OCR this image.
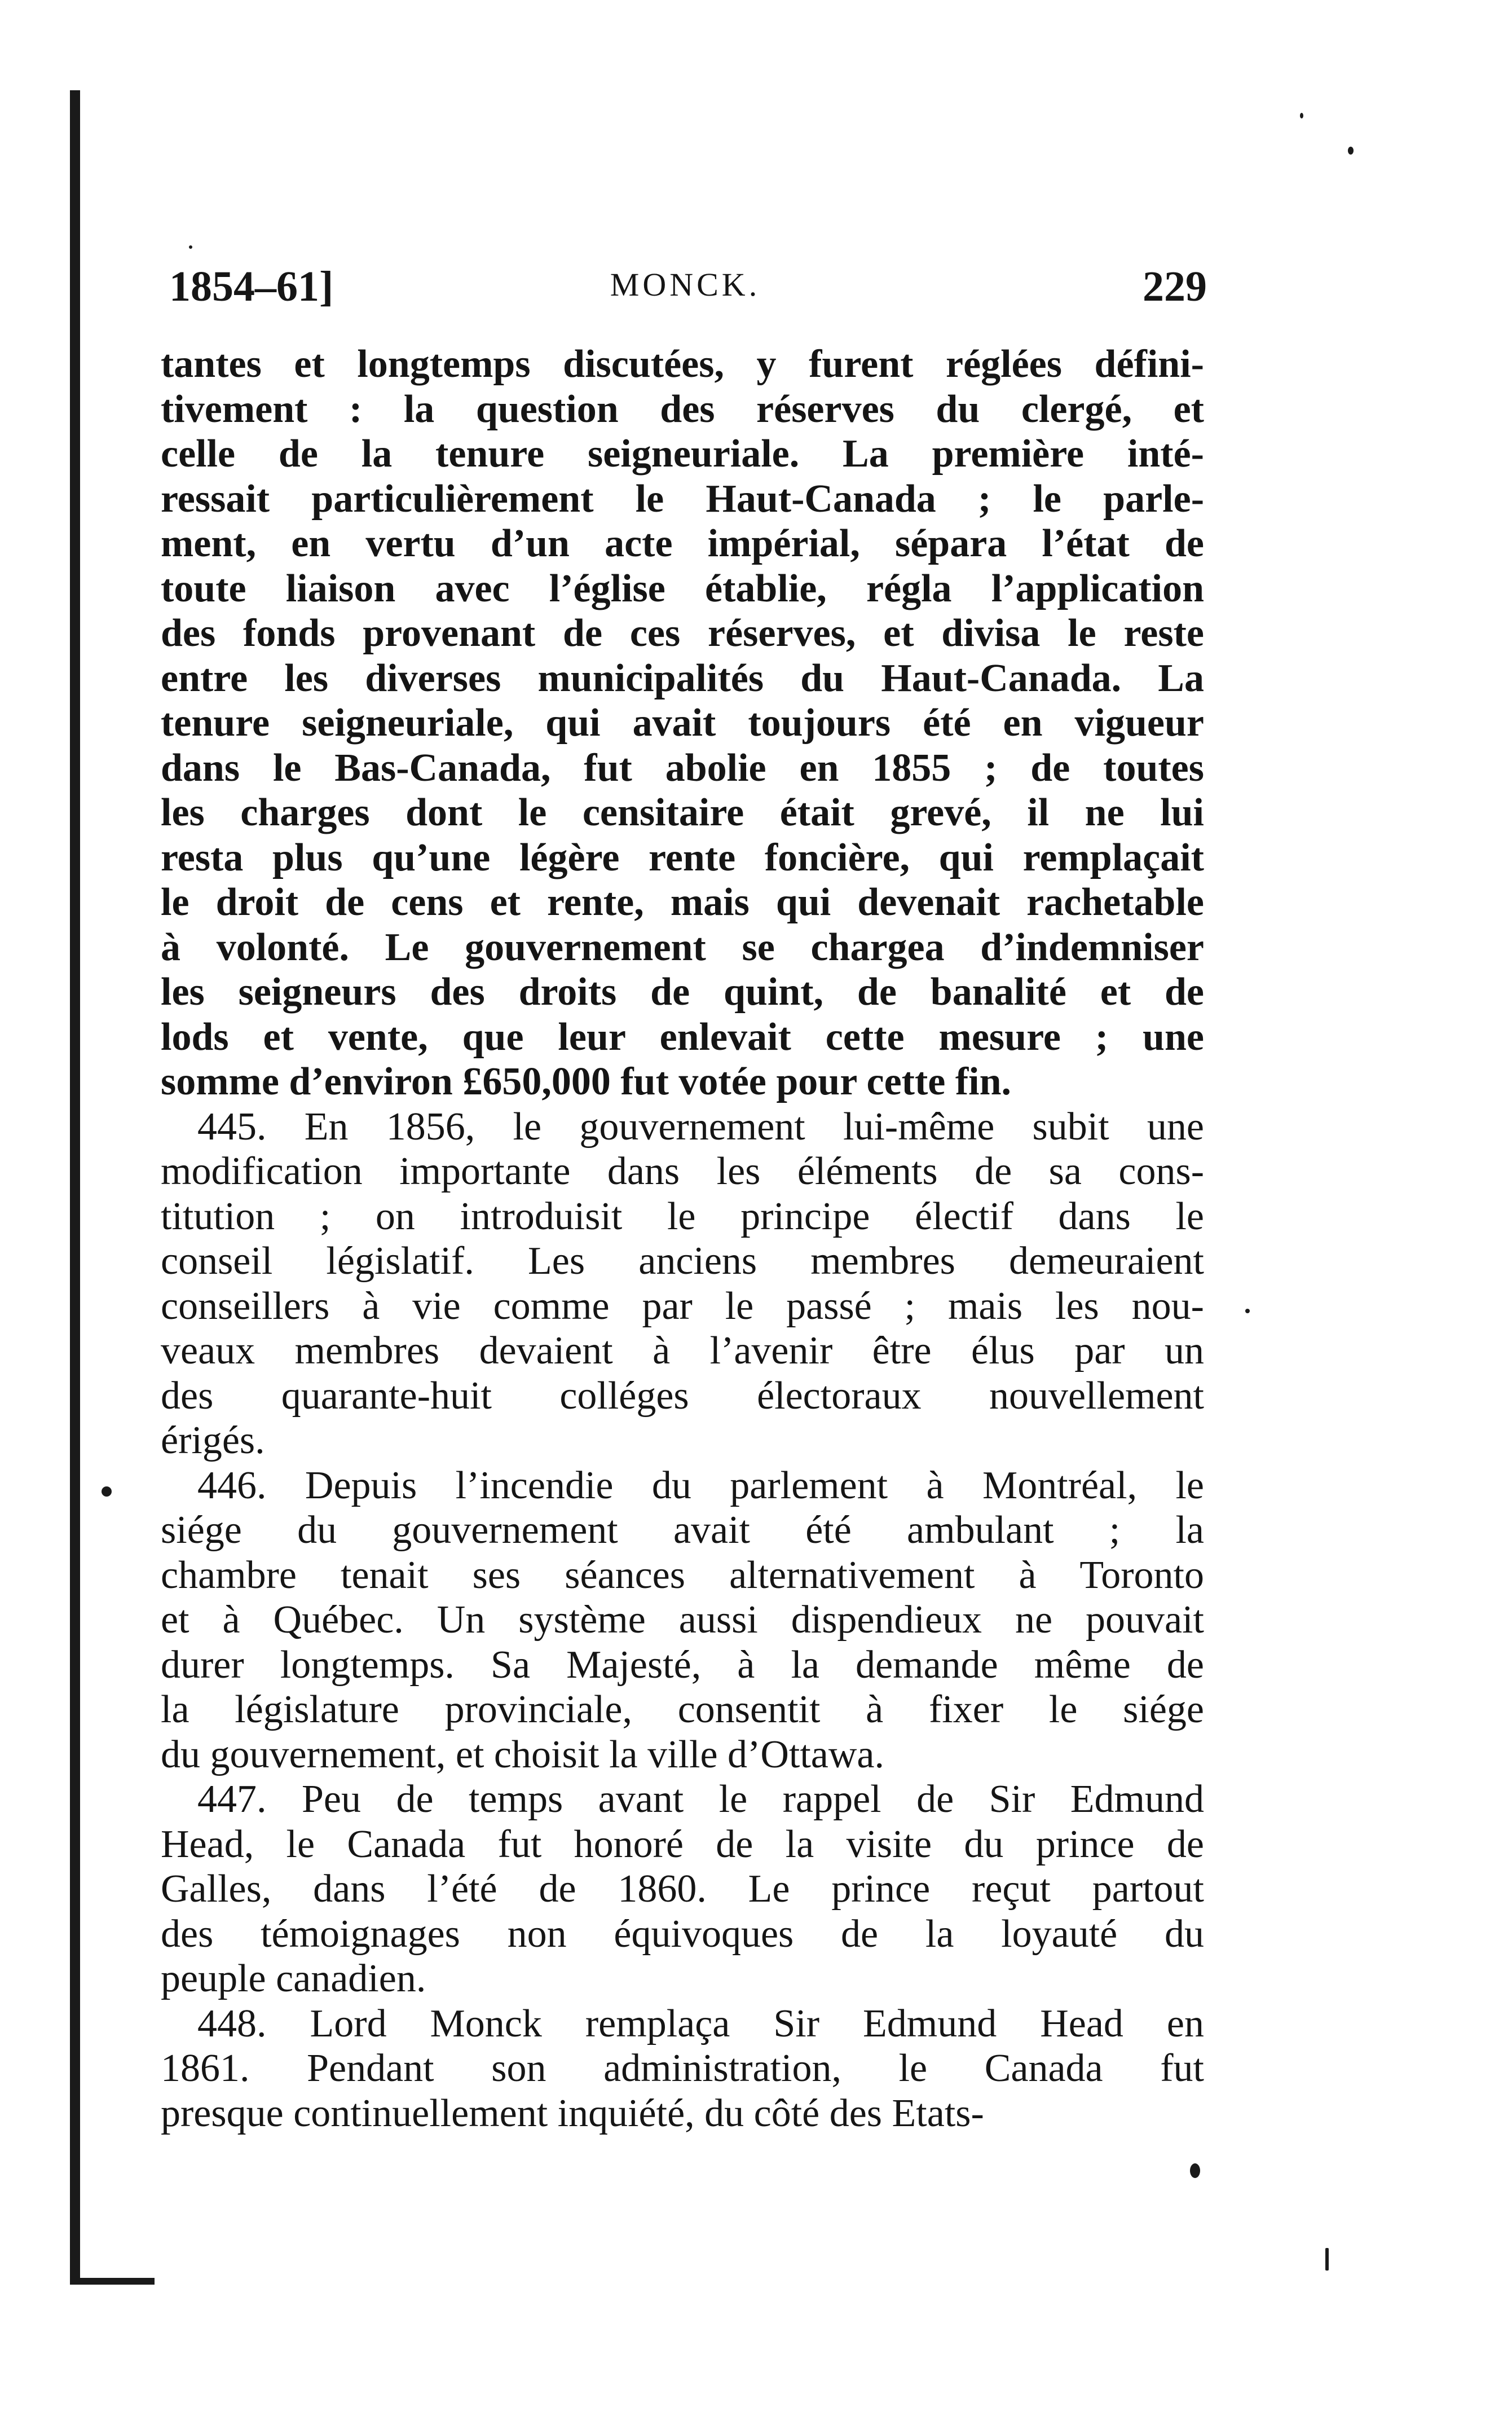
1854–61]	MONCK.	229
tantes et longtemps discutées, y furent réglées défini-
tivement : la question des réserves du clergé, et
celle de la tenure seigneuriale. La première inté-
ressait particulièrement le Haut-Canada ; le parle-
ment, en vertu d’un acte impérial, sépara l’état de
toute liaison avec l’église établie, régla l’application
des fonds provenant de ces réserves, et divisa le reste
entre les diverses municipalités du Haut-Canada. La
tenure seigneuriale, qui avait toujours été en vigueur
dans le Bas-Canada, fut abolie en 1855 ; de toutes
les charges dont le censitaire était grevé, il ne lui
resta plus qu’une légère rente foncière, qui remplaçait
le droit de cens et rente, mais qui devenait rachetable
à volonté. Le gouvernement se chargea d’indemniser
les seigneurs des droits de quint, de banalité et de
lods et vente, que leur enlevait cette mesure ; une
somme d’environ £650,000 fut votée pour cette fin.
445. En 1856, le gouvernement lui-même subit une
modification importante dans les éléments de sa cons-
titution ; on introduisit le principe électif dans le
conseil législatif. Les anciens membres demeuraient
conseillers à vie comme par le passé ; mais les nou-
veaux membres devaient à l’avenir être élus par un
des quarante-huit colléges électoraux nouvellement
érigés.
446. Depuis l’incendie du parlement à Montréal, le
siége du gouvernement avait été ambulant ; la
chambre tenait ses séances alternativement à Toronto
et à Québec. Un système aussi dispendieux ne pouvait
durer longtemps. Sa Majesté, à la demande même de
la législature provinciale, consentit à fixer le siége
du gouvernement, et choisit la ville d’Ottawa.
447. Peu de temps avant le rappel de Sir Edmund
Head, le Canada fut honoré de la visite du prince de
Galles, dans l’été de 1860. Le prince reçut partout
des témoignages non équivoques de la loyauté du
peuple canadien.
448. Lord Monck remplaça Sir Edmund Head en
1861. Pendant son administration, le Canada fut
presque continuellement inquiété, du côté des Etats-
